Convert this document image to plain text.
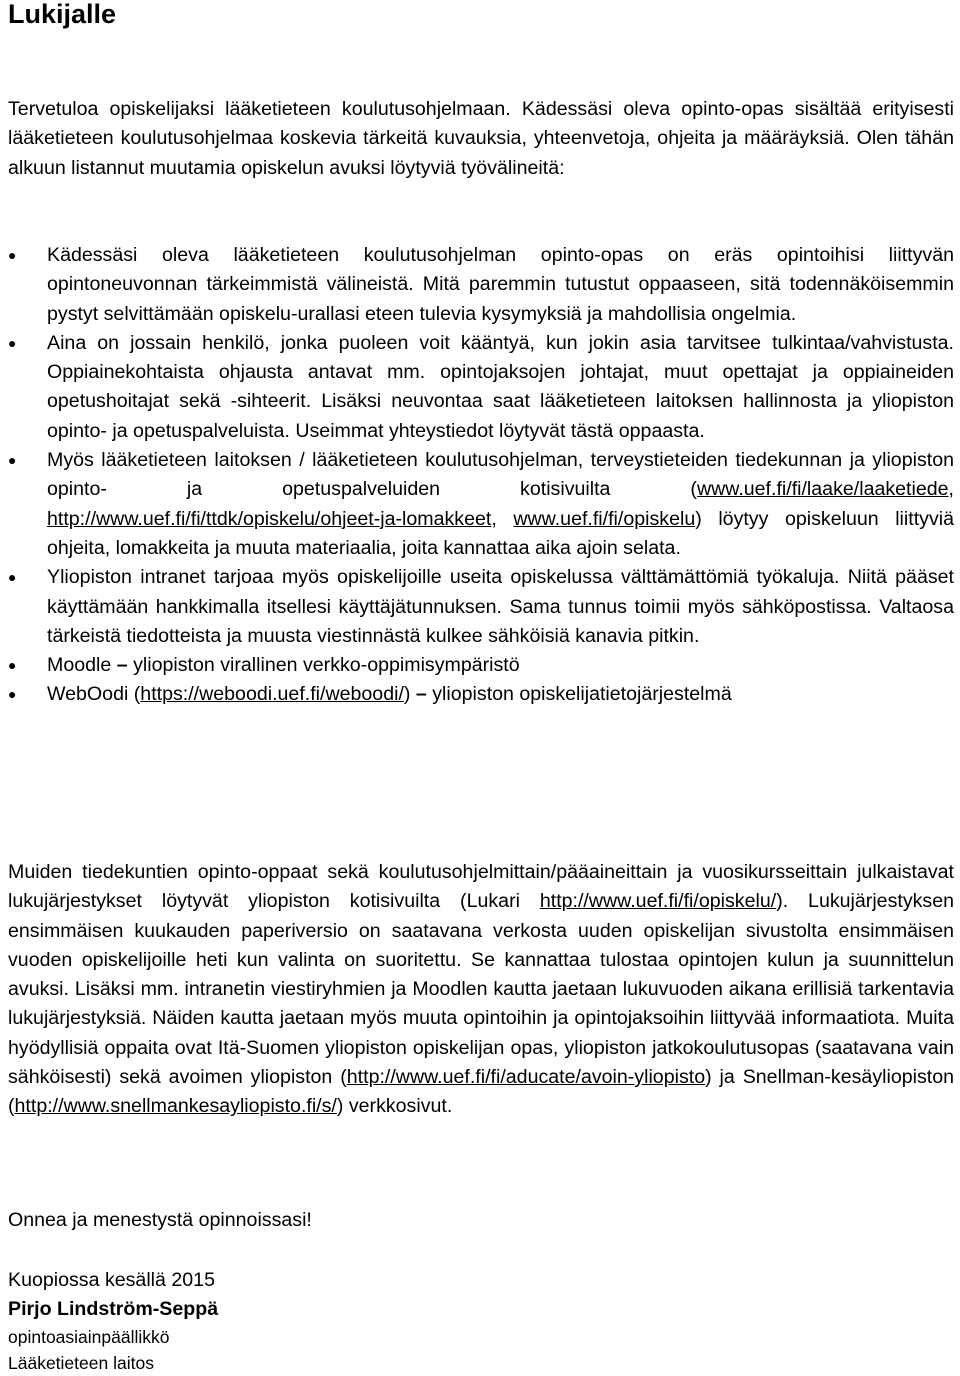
Lukijalle

Tervetuloa opiskelijaksi lääketieteen koulutusohjelmaan. Kädessäsi oleva opinto-opas sisältää erityisesti lääketieteen koulutusohjelmaa koskevia tärkeitä kuvauksia, yhteenvetoja, ohjeita ja määräyksiä. Olen tähän alkuun listannut muutamia opiskelun avuksi löytyviä työvälineitä:

●	Kädessäsi oleva lääketieteen koulutusohjelman opinto-opas on eräs opintoihisi liittyvän opintoneuvonnan tärkeimmistä välineistä. Mitä paremmin tutustut oppaaseen, sitä todennäköisemmin pystyt selvittämään opiskelu-urallasi eteen tulevia kysymyksiä ja mahdollisia ongelmia.
●	Aina on jossain henkilö, jonka puoleen voit kääntyä, kun jokin asia tarvitsee tulkintaa/vahvistusta. Oppiainekohtaista ohjausta antavat mm. opintojaksojen johtajat, muut opettajat ja oppiaineiden opetushoitajat sekä -sihteerit. Lisäksi neuvontaa saat lääketieteen laitoksen hallinnosta ja yliopiston opinto- ja opetuspalveluista. Useimmat yhteystiedot löytyvät tästä oppaasta.
●	Myös lääketieteen laitoksen / lääketieteen koulutusohjelman, terveystieteiden tiedekunnan ja yliopiston opinto- ja opetuspalveluiden kotisivuilta (www.uef.fi/fi/laake/laaketiede, http://www.uef.fi/fi/ttdk/opiskelu/ohjeet-ja-lomakkeet, www.uef.fi/fi/opiskelu) löytyy opiskeluun liittyviä ohjeita, lomakkeita ja muuta materiaalia, joita kannattaa aika ajoin selata.
●	Yliopiston intranet tarjoaa myös opiskelijoille useita opiskelussa välttämättömiä työkaluja. Niitä pääset käyttämään hankkimalla itsellesi käyttäjätunnuksen. Sama tunnus toimii myös sähköpostissa. Valtaosa tärkeistä tiedotteista ja muusta viestinnästä kulkee sähköisiä kanavia pitkin.
●	Moodle – yliopiston virallinen verkko-oppimisympäristö
●	WebOodi (https://weboodi.uef.fi/weboodi/) – yliopiston opiskelijatietojärjestelmä

Muiden tiedekuntien opinto-oppaat sekä koulutusohjelmittain/pääaineittain ja vuosikursseittain julkaistavat lukujärjestykset löytyvät yliopiston kotisivuilta (Lukari http://www.uef.fi/fi/opiskelu/). Lukujärjestyksen ensimmäisen kuukauden paperiversio on saatavana verkosta uuden opiskelijan sivustolta ensimmäisen vuoden opiskelijoille heti kun valinta on suoritettu. Se kannattaa tulostaa opintojen kulun ja suunnittelun avuksi. Lisäksi mm. intranetin viestiryhmien ja Moodlen kautta jaetaan lukuvuoden aikana erillisiä tarkentavia lukujärjestyksiä. Näiden kautta jaetaan myös muuta opintoihin ja opintojaksoihin liittyvää informaatiota. Muita hyödyllisiä oppaita ovat Itä-Suomen yliopiston opiskelijan opas, yliopiston jatkokoulutusopas (saatavana vain sähköisesti) sekä avoimen yliopiston (http://www.uef.fi/fi/aducate/avoin-yliopisto) ja Snellman-kesäyliopiston (http://www.snellmankesayliopisto.fi/s/) verkkosivut.

Onnea ja menestystä opinnoissasi!

Kuopiossa kesällä 2015
Pirjo Lindström-Seppä
opintoasiainpäällikkö
Lääketieteen laitos
